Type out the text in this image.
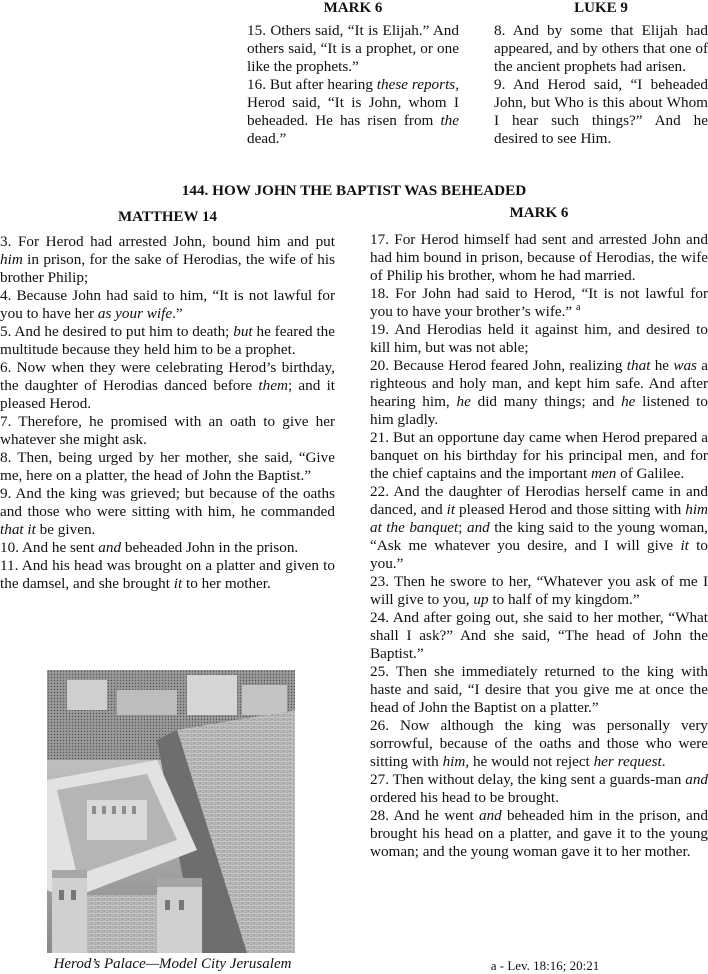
MARK 6	LUKE 9

15. Others said, “It is Elijah.” And others said, “It is a prophet, or one like the prophets.”

16. But after hearing these reports, Herod said, “It is John, whom I beheaded. He has risen from the dead.”

8. And by some that Elijah had appeared, and by others that one of the ancient prophets had arisen.

9. And Herod said, “I beheaded John, but Who is this about Whom I hear such things?” And he desired to see Him.

144. HOW JOHN THE BAPTIST WAS BEHEADED
MATTHEW 14

3. For Herod had arrested John, bound him and put him in prison, for the sake of Herodias, the wife of his brother Philip;

4. Because John had said to him, “It is not lawful for you to have her as your wife.”

5. And he desired to put him to death; but he feared the multitude because they held him to be a prophet.

6. Now when they were celebrating Herod’s birthday, the daughter of Herodias danced before them; and it pleased Herod.

7. Therefore, he promised with an oath to give her whatever she might ask.

8. Then, being urged by her mother, she said, “Give me, here on a platter, the head of John the Baptist.”

9. And the king was grieved; but because of the oaths and those who were sitting with him, he commanded that it be given.

10. And he sent and beheaded John in the prison.

11. And his head was brought on a platter and given to the damsel, and she brought it to her mother.

Herod’s Palace—Model City Jerusalem
MARK 6

17. For Herod himself had sent and arrested John and had him bound in prison, because of Herodias, the wife of Philip his brother, whom he had married.

18. For John had said to Herod, “It is not lawful for you to have your brother’s wife.” $^a$

19. And Herodias held it against him, and desired to kill him, but was not able;

20. Because Herod feared John, realizing that he was a righteous and holy man, and kept him safe. And after hearing him, he did many things; and he listened to him gladly.

21. But an opportune day came when Herod prepared a banquet on his birthday for his principal men, and for the chief captains and the important men of Galilee.

22. And the daughter of Herodias herself came in and danced, and it pleased Herod and those sitting with him at the banquet; and the king said to the young woman, “Ask me whatever you desire, and I will give it to you.”

23. Then he swore to her, “Whatever you ask of me I will give to you, up to half of my kingdom.”

24. And after going out, she said to her mother, “What shall I ask?” And she said, “The head of John the Baptist.”

25. Then she immediately returned to the king with haste and said, “I desire that you give me at once the head of John the Baptist on a platter.”

26. Now although the king was personally very sorrowful, because of the oaths and those who were sitting with him, he would not reject her request.

27. Then without delay, the king sent a guards-man and ordered his head to be brought.

28. And he went and beheaded him in the prison, and brought his head on a platter, and gave it to the young woman; and the young woman gave it to her mother.

a - Lev. 18:16; 20:21
